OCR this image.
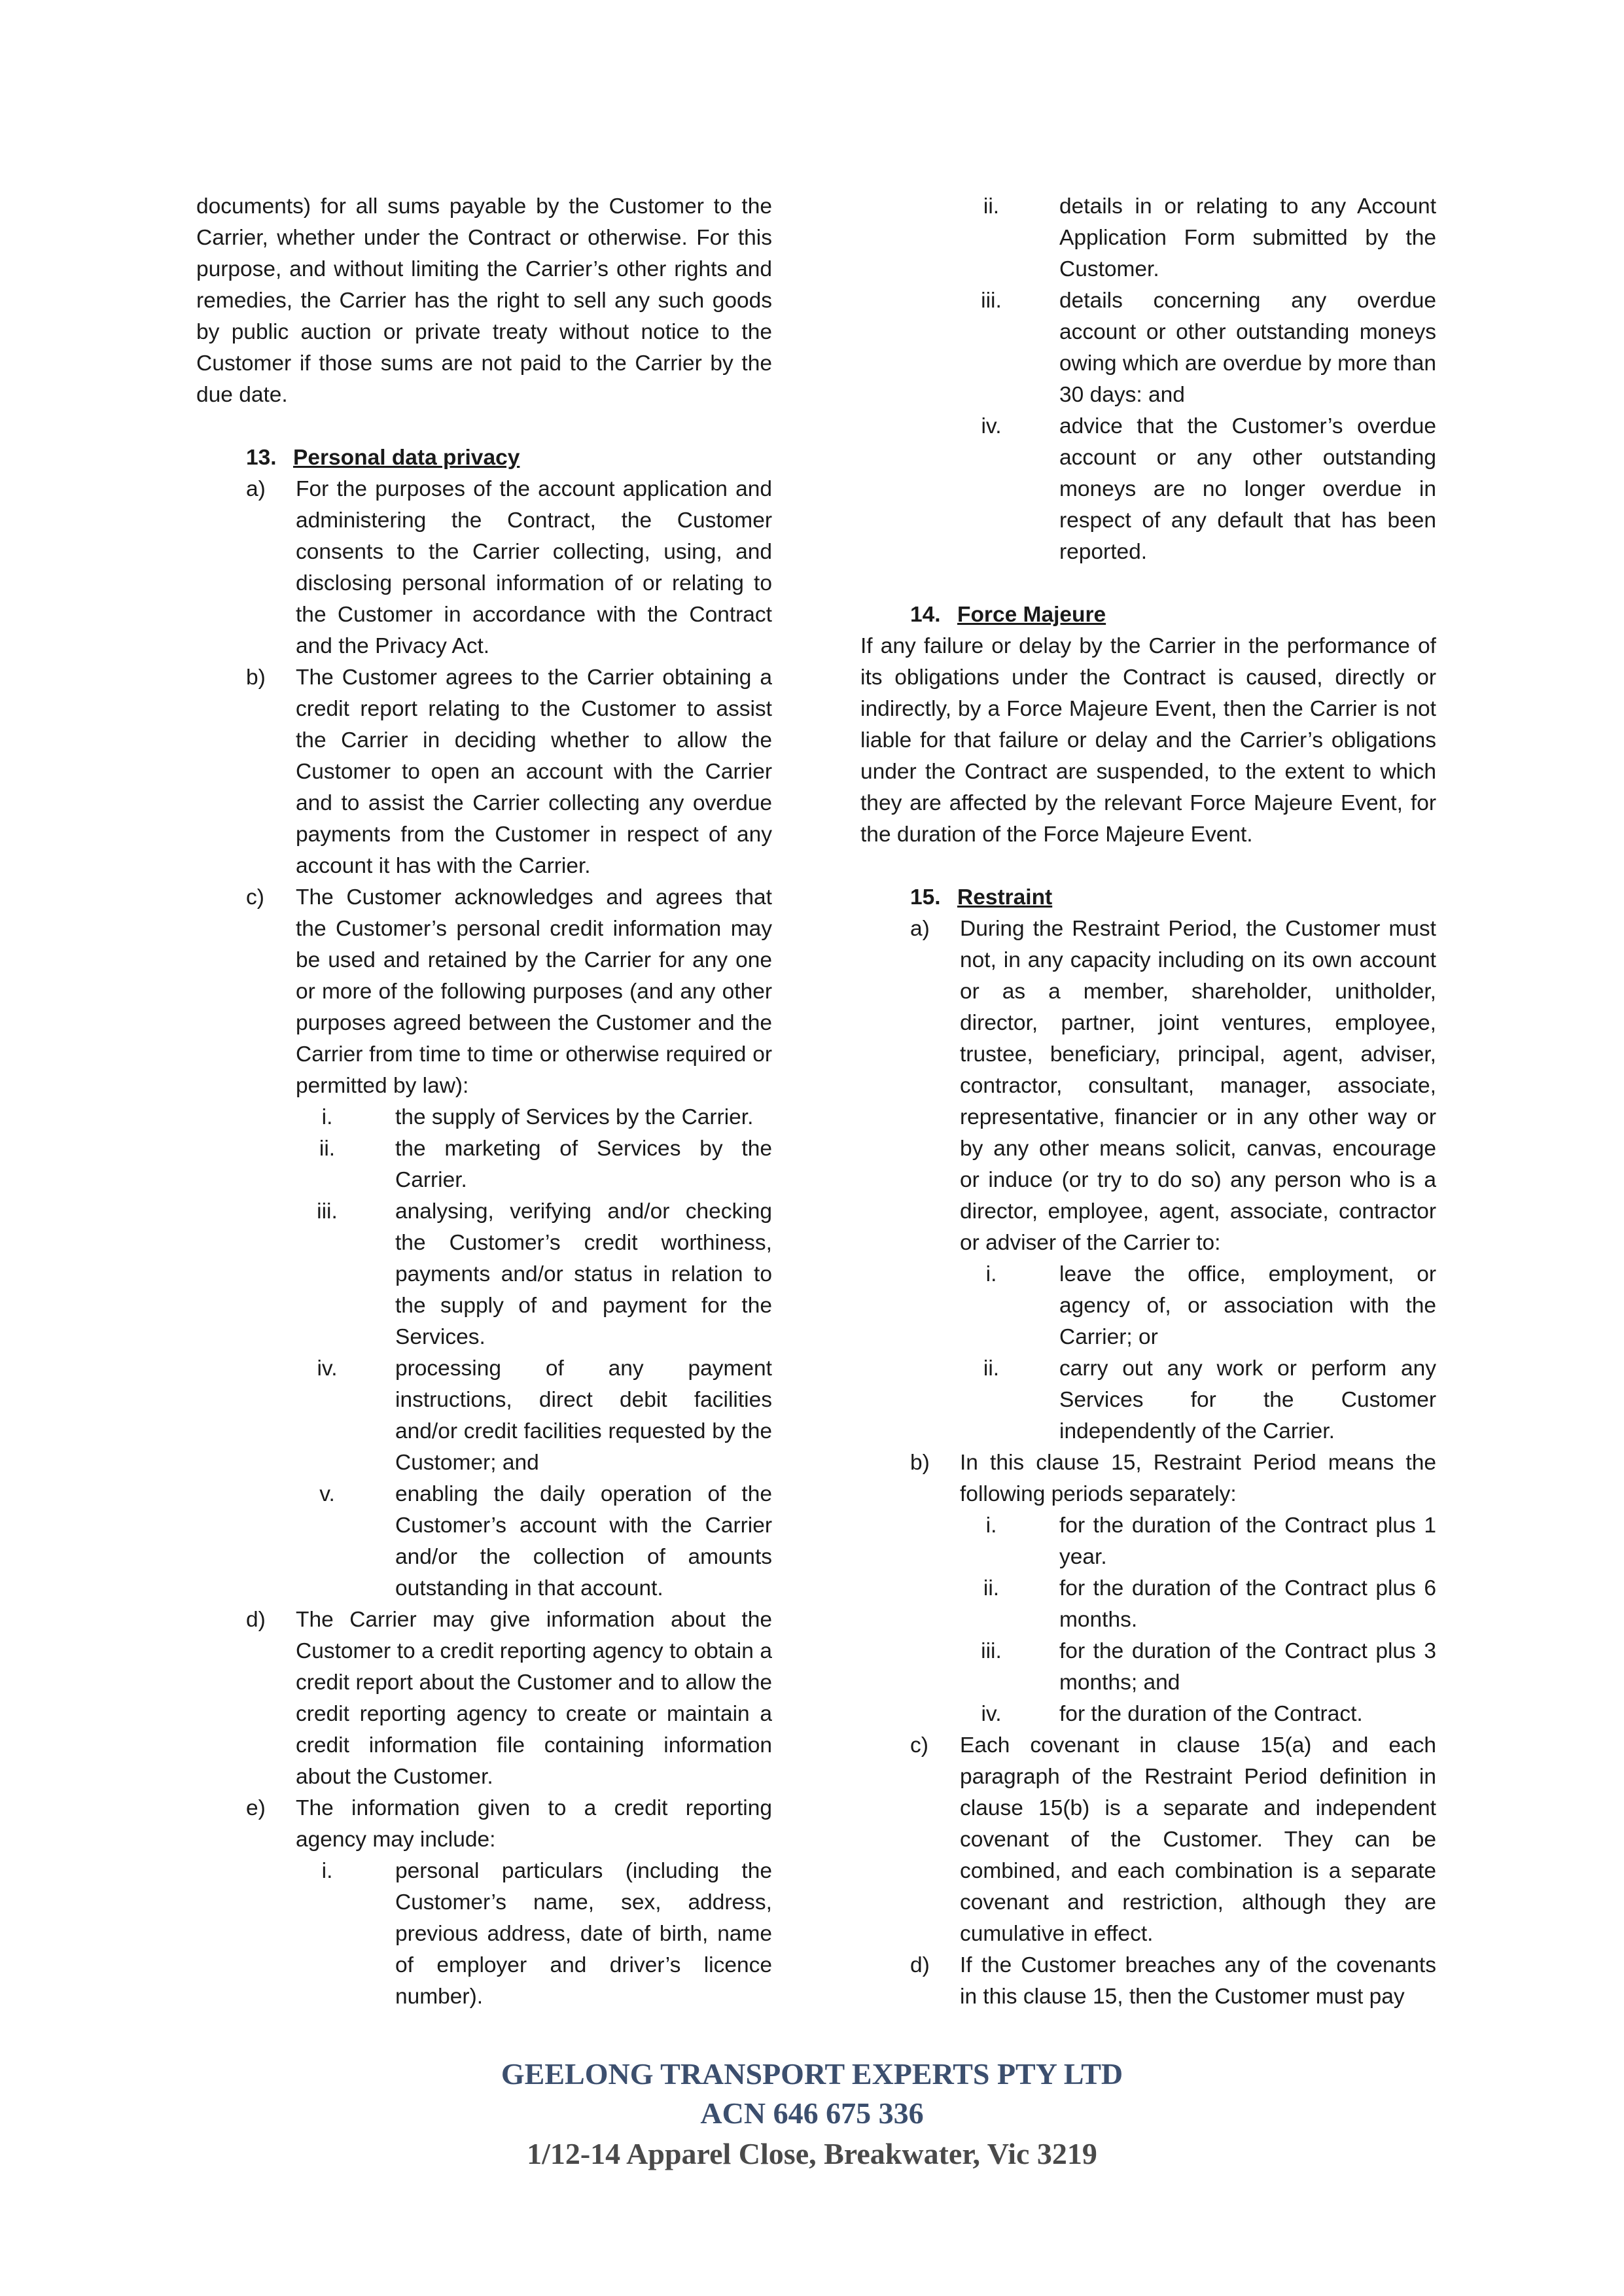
documents) for all sums payable by the Customer to the Carrier, whether under the Contract or otherwise. For this purpose, and without limiting the Carrier’s other rights and remedies, the Carrier has the right to sell any such goods by public auction or private treaty without notice to the Customer if those sums are not paid to the Carrier by the due date.

13. Personal data privacy
a)	For the purposes of the account application and administering the Contract, the Customer consents to the Carrier collecting, using, and disclosing personal information of or relating to the Customer in accordance with the Contract and the Privacy Act.
b)	The Customer agrees to the Carrier obtaining a credit report relating to the Customer to assist the Carrier in deciding whether to allow the Customer to open an account with the Carrier and to assist the Carrier collecting any overdue payments from the Customer in respect of any account it has with the Carrier.
c)	The Customer acknowledges and agrees that the Customer’s personal credit information may be used and retained by the Carrier for any one or more of the following purposes (and any other purposes agreed between the Customer and the Carrier from time to time or otherwise required or permitted by law):
i.	the supply of Services by the Carrier.
ii.	the marketing of Services by the Carrier.
iii.	analysing, verifying and/or checking the Customer’s credit worthiness, payments and/or status in relation to the supply of and payment for the Services.
iv.	processing of any payment instructions, direct debit facilities and/or credit facilities requested by the Customer; and
v.	enabling the daily operation of the Customer’s account with the Carrier and/or the collection of amounts outstanding in that account.
d)	The Carrier may give information about the Customer to a credit reporting agency to obtain a credit report about the Customer and to allow the credit reporting agency to create or maintain a credit information file containing information about the Customer.
e)	The information given to a credit reporting agency may include:
i.	personal particulars (including the Customer’s name, sex, address, previous address, date of birth, name of employer and driver’s licence number).
ii.	details in or relating to any Account Application Form submitted by the Customer.
iii.	details concerning any overdue account or other outstanding moneys owing which are overdue by more than 30 days: and
iv.	advice that the Customer’s overdue account or any other outstanding moneys are no longer overdue in respect of any default that has been reported.
14. Force Majeure

If any failure or delay by the Carrier in the performance of its obligations under the Contract is caused, directly or indirectly, by a Force Majeure Event, then the Carrier is not liable for that failure or delay and the Carrier’s obligations under the Contract are suspended, to the extent to which they are affected by the relevant Force Majeure Event, for the duration of the Force Majeure Event.

15. Restraint
a)	During the Restraint Period, the Customer must not, in any capacity including on its own account or as a member, shareholder, unitholder, director, partner, joint ventures, employee, trustee, beneficiary, principal, agent, adviser, contractor, consultant, manager, associate, representative, financier or in any other way or by any other means solicit, canvas, encourage or induce (or try to do so) any person who is a director, employee, agent, associate, contractor or adviser of the Carrier to:
i.	leave the office, employment, or agency of, or association with the Carrier; or
ii.	carry out any work or perform any Services for the Customer independently of the Carrier.
b)	In this clause 15, Restraint Period means the following periods separately:
i.	for the duration of the Contract plus 1 year.
ii.	for the duration of the Contract plus 6 months.
iii.	for the duration of the Contract plus 3 months; and
iv.	for the duration of the Contract.
c)	Each covenant in clause 15(a) and each paragraph of the Restraint Period definition in clause 15(b) is a separate and independent covenant of the Customer. They can be combined, and each combination is a separate covenant and restriction, although they are cumulative in effect.
d)	If the Customer breaches any of the covenants in this clause 15, then the Customer must pay
GEELONG TRANSPORT EXPERTS PTY LTD
ACN 646 675 336
1/12-14 Apparel Close, Breakwater, Vic 3219
